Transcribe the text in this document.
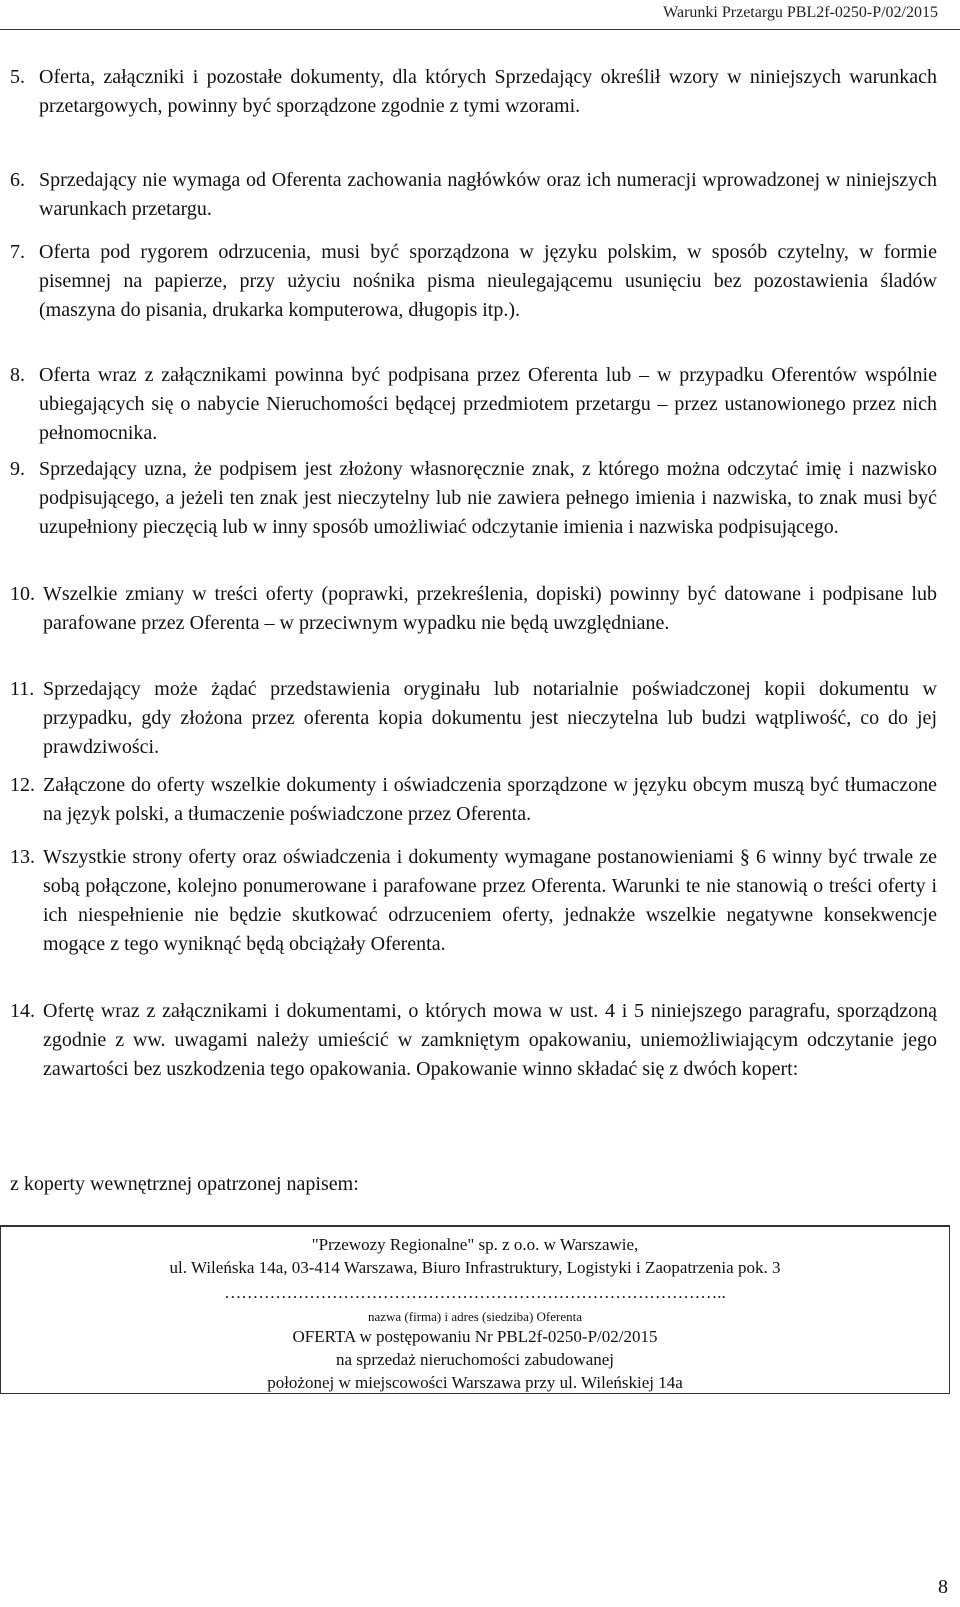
Warunki Przetargu PBL2f-0250-P/02/2015
5. Oferta, załączniki i pozostałe dokumenty, dla których Sprzedający określił wzory w niniejszych warunkach przetargowych, powinny być sporządzone zgodnie z tymi wzorami.
6. Sprzedający nie wymaga od Oferenta zachowania nagłówków oraz ich numeracji wprowadzonej w niniejszych warunkach przetargu.
7. Oferta pod rygorem odrzucenia, musi być sporządzona w języku polskim, w sposób czytelny, w formie pisemnej na papierze, przy użyciu nośnika pisma nieulegającemu usunięciu bez pozostawienia śladów (maszyna do pisania, drukarka komputerowa, długopis itp.).
8. Oferta wraz z załącznikami powinna być podpisana przez Oferenta lub – w przypadku Oferentów wspólnie ubiegających się o nabycie Nieruchomości będącej przedmiotem przetargu – przez ustanowionego przez nich pełnomocnika.
9. Sprzedający uzna, że podpisem jest złożony własnoręcznie znak, z którego można odczytać imię i nazwisko podpisującego, a jeżeli ten znak jest nieczytelny lub nie zawiera pełnego imienia i nazwiska, to znak musi być uzupełniony pieczęcią lub w inny sposób umożliwiać odczytanie imienia i nazwiska podpisującego.
10. Wszelkie zmiany w treści oferty (poprawki, przekreślenia, dopiski) powinny być datowane i podpisane lub parafowane przez Oferenta – w przeciwnym wypadku nie będą uwzględniane.
11. Sprzedający może żądać przedstawienia oryginału lub notarialnie poświadczonej kopii dokumentu w przypadku, gdy złożona przez oferenta kopia dokumentu jest nieczytelna lub budzi wątpliwość, co do jej prawdziwości.
12. Załączone do oferty wszelkie dokumenty i oświadczenia sporządzone w języku obcym muszą być tłumaczone na język polski, a tłumaczenie poświadczone przez Oferenta.
13. Wszystkie strony oferty oraz oświadczenia i dokumenty wymagane postanowieniami § 6 winny być trwale ze sobą połączone, kolejno ponumerowane i parafowane przez Oferenta. Warunki te nie stanowią o treści oferty i ich niespełnienie nie będzie skutkować odrzuceniem oferty, jednakże wszelkie negatywne konsekwencje mogące z tego wyniknąć będą obciążały Oferenta.
14. Ofertę wraz z załącznikami i dokumentami, o których mowa w ust. 4 i 5 niniejszego paragrafu, sporządzoną zgodnie z ww. uwagami należy umieścić w zamkniętym opakowaniu, uniemożliwiającym odczytanie jego zawartości bez uszkodzenia tego opakowania. Opakowanie winno składać się z dwóch kopert:
z koperty wewnętrznej opatrzonej napisem:
"Przewozy Regionalne" sp. z o.o. w Warszawie,
ul. Wileńska 14a, 03-414 Warszawa, Biuro Infrastruktury, Logistyki i Zaopatrzenia pok. 3
……………………………………………………………………………..
nazwa (firma) i adres (siedziba) Oferenta
OFERTA w postępowaniu Nr PBL2f-0250-P/02/2015
na sprzedaż nieruchomości zabudowanej
położonej w miejscowości Warszawa przy ul. Wileńskiej 14a
8
